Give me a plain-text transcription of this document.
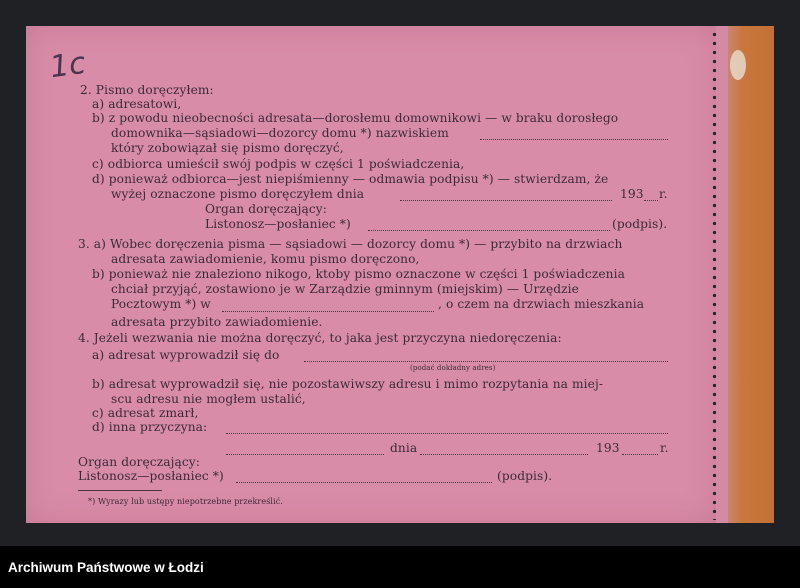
1c
2. Pismo doręczyłem:
a) adresatowi,
b) z powodu nieobecności adresata—dorosłemu domownikowi — w braku dorosłego
domownika—sąsiadowi—dozorcy domu *) nazwiskiem
który zobowiązał się pismo doręczyć,
c) odbiorca umieścił swój podpis w części 1 poświadczenia,
d) ponieważ odbiorca—jest niepiśmienny — odmawia podpisu *) — stwierdzam, że
wyżej oznaczone pismo doręczyłem dnia	193 r.
Organ doręczający:
Listonosz—posłaniec *)	(podpis).
3. a) Wobec doręczenia pisma — sąsiadowi — dozorcy domu *) — przybito na drzwiach
adresata zawiadomienie, komu pismo doręczono,
b) ponieważ nie znaleziono nikogo, ktoby pismo oznaczone w części 1 poświadczenia
chciał przyjąć, zostawiono je w Zarządzie gminnym (miejskim) — Urzędzie
Pocztowym *) w	, o czem na drzwiach mieszkania
adresata przybito zawiadomienie.
4. Jeżeli wezwania nie można doręczyć, to jaka jest przyczyna niedoręczenia:
a) adresat wyprowadził się do
(podać dokładny adres)
b) adresat wyprowadził się, nie pozostawiwszy adresu i mimo rozpytania na miej-
scu adresu nie mogłem ustalić,
c) adresat zmarł,
d) inna przyczyna:
dnia	193	r.
Organ doręczający:
Listonosz—posłaniec *)	(podpis).
*) Wyrazy lub ustępy niepotrzebne przekreślić.
Archiwum Państwowe w Łodzi
